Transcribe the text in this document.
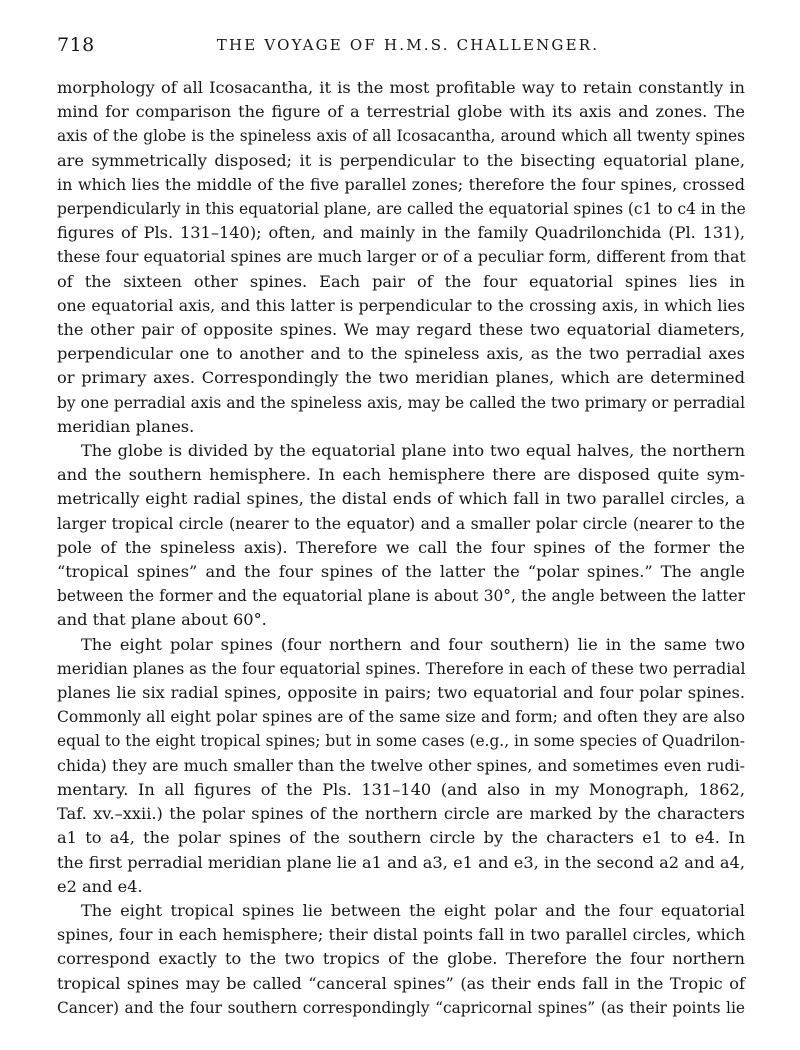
718	THE VOYAGE OF H.M.S. CHALLENGER.
morphology of all Icosacantha, it is the most profitable way to retain constantly in
mind for comparison the figure of a terrestrial globe with its axis and zones. The
axis of the globe is the spineless axis of all Icosacantha, around which all twenty spines
are symmetrically disposed; it is perpendicular to the bisecting equatorial plane,
in which lies the middle of the five parallel zones; therefore the four spines, crossed
perpendicularly in this equatorial plane, are called the equatorial spines (c1 to c4 in the
figures of Pls. 131–140); often, and mainly in the family Quadrilonchida (Pl. 131),
these four equatorial spines are much larger or of a peculiar form, different from that
of the sixteen other spines. Each pair of the four equatorial spines lies in
one equatorial axis, and this latter is perpendicular to the crossing axis, in which lies
the other pair of opposite spines. We may regard these two equatorial diameters,
perpendicular one to another and to the spineless axis, as the two perradial axes
or primary axes. Correspondingly the two meridian planes, which are determined
by one perradial axis and the spineless axis, may be called the two primary or perradial
meridian planes.
The globe is divided by the equatorial plane into two equal halves, the northern
and the southern hemisphere. In each hemisphere there are disposed quite sym-
metrically eight radial spines, the distal ends of which fall in two parallel circles, a
larger tropical circle (nearer to the equator) and a smaller polar circle (nearer to the
pole of the spineless axis). Therefore we call the four spines of the former the
“tropical spines” and the four spines of the latter the “polar spines.” The angle
between the former and the equatorial plane is about 30°, the angle between the latter
and that plane about 60°.
The eight polar spines (four northern and four southern) lie in the same two
meridian planes as the four equatorial spines. Therefore in each of these two perradial
planes lie six radial spines, opposite in pairs; two equatorial and four polar spines.
Commonly all eight polar spines are of the same size and form; and often they are also
equal to the eight tropical spines; but in some cases (e.g., in some species of Quadrilon-
chida) they are much smaller than the twelve other spines, and sometimes even rudi-
mentary. In all figures of the Pls. 131–140 (and also in my Monograph, 1862,
Taf. xv.–xxii.) the polar spines of the northern circle are marked by the characters
a1 to a4, the polar spines of the southern circle by the characters e1 to e4. In
the first perradial meridian plane lie a1 and a3, e1 and e3, in the second a2 and a4,
e2 and e4.
The eight tropical spines lie between the eight polar and the four equatorial
spines, four in each hemisphere; their distal points fall in two parallel circles, which
correspond exactly to the two tropics of the globe. Therefore the four northern
tropical spines may be called “canceral spines” (as their ends fall in the Tropic of
Cancer) and the four southern correspondingly “capricornal spines” (as their points lie
